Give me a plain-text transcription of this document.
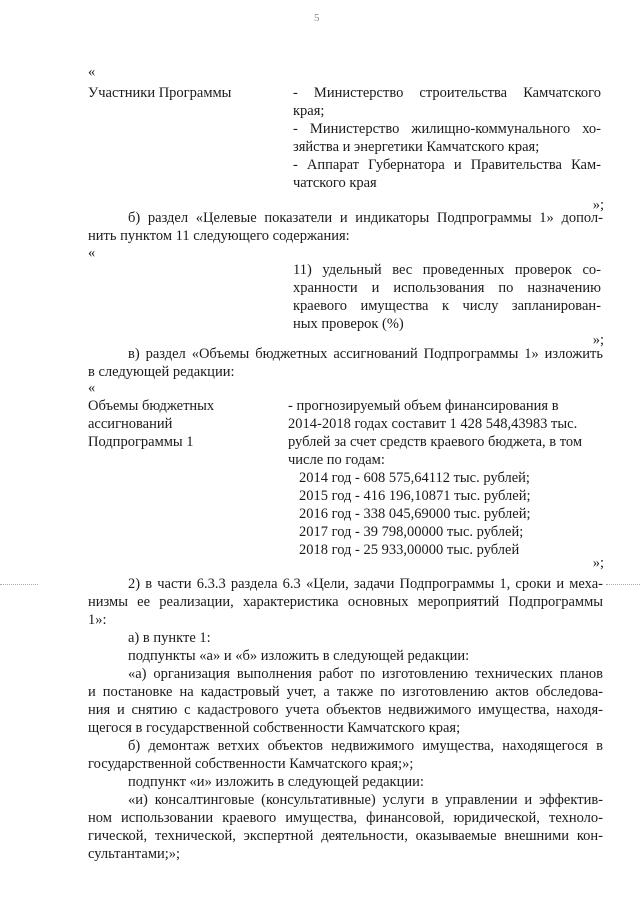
5
«
Участники Программы	- Министерство строительства Камчатского
края;
- Министерство жилищно-коммунального хо-
зяйства и энергетики Камчатского края;
- Аппарат Губернатора и Правительства Кам-
чатского края
»;
б) раздел «Целевые показатели и индикаторы Подпрограммы 1» допол-
нить пунктом 11 следующего содержания:
«
11) удельный вес проведенных проверок со-
хранности и использования по назначению
краевого имущества к числу запланирован-
ных проверок (%)
»;
в) раздел «Объемы бюджетных ассигнований Подпрограммы 1» изложить
в следующей редакции:
«
Объемы бюджетных
ассигнований
Подпрограммы 1
- прогнозируемый объем финансирования в
2014-2018 годах составит 1 428 548,43983 тыс.
рублей за счет средств краевого бюджета, в том
числе по годам:
2014 год - 608 575,64112 тыс. рублей;
2015 год - 416 196,10871 тыс. рублей;
2016 год - 338 045,69000 тыс. рублей;
2017 год - 39 798,00000 тыс. рублей;
2018 год - 25 933,00000 тыс. рублей
»;
2) в части 6.3.3 раздела 6.3 «Цели, задачи Подпрограммы 1, сроки и меха-
низмы ее реализации, характеристика основных мероприятий Подпрограммы
1»:
а) в пункте 1:
подпункты «а» и «б» изложить в следующей редакции:
«а) организация выполнения работ по изготовлению технических планов
и постановке на кадастровый учет, а также по изготовлению актов обследова-
ния и снятию с кадастрового учета объектов недвижимого имущества, находя-
щегося в государственной собственности Камчатского края;
б) демонтаж ветхих объектов недвижимого имущества, находящегося в
государственной собственности Камчатского края;»;
подпункт «и» изложить в следующей редакции:
«и) консалтинговые (консультативные) услуги в управлении и эффектив-
ном использовании краевого имущества, финансовой, юридической, техноло-
гической, технической, экспертной деятельности, оказываемые внешними кон-
сультантами;»;
